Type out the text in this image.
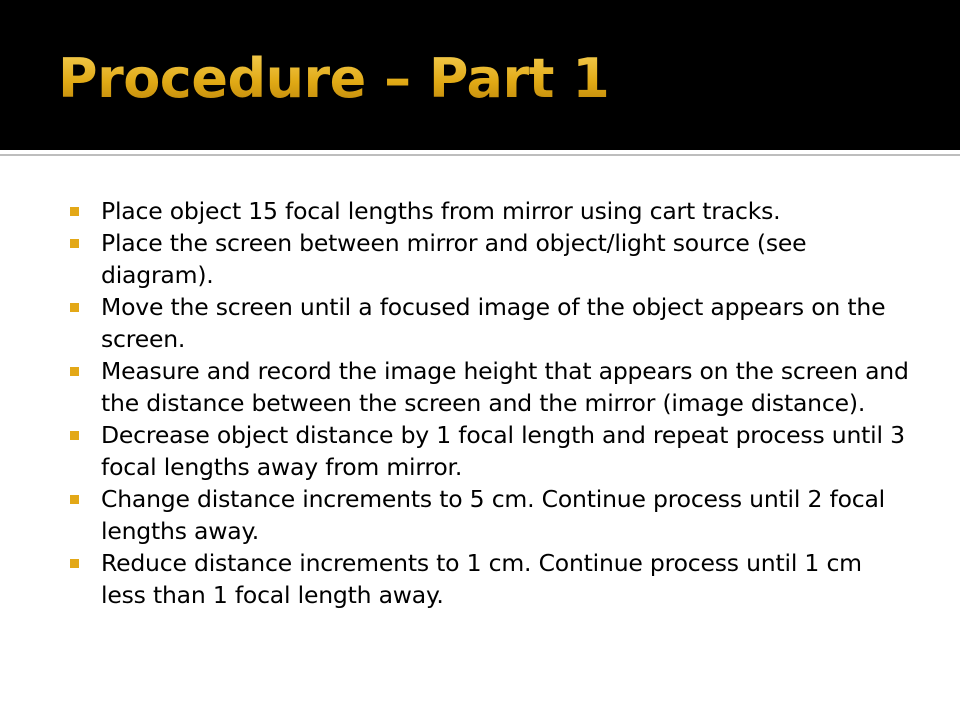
Procedure – Part 1
Place object 15 focal lengths from mirror using cart tracks.
Place the screen between mirror and object/light source (see diagram).
Move the screen until a focused image of the object appears on the screen.
Measure and record the image height that appears on the screen and the distance between the screen and the mirror (image distance).
Decrease object distance by 1 focal length and repeat process until 3 focal lengths away from mirror.
Change distance increments to 5 cm. Continue process until 2 focal lengths away.
Reduce distance increments to 1 cm. Continue process until 1 cm less than 1 focal length away.
